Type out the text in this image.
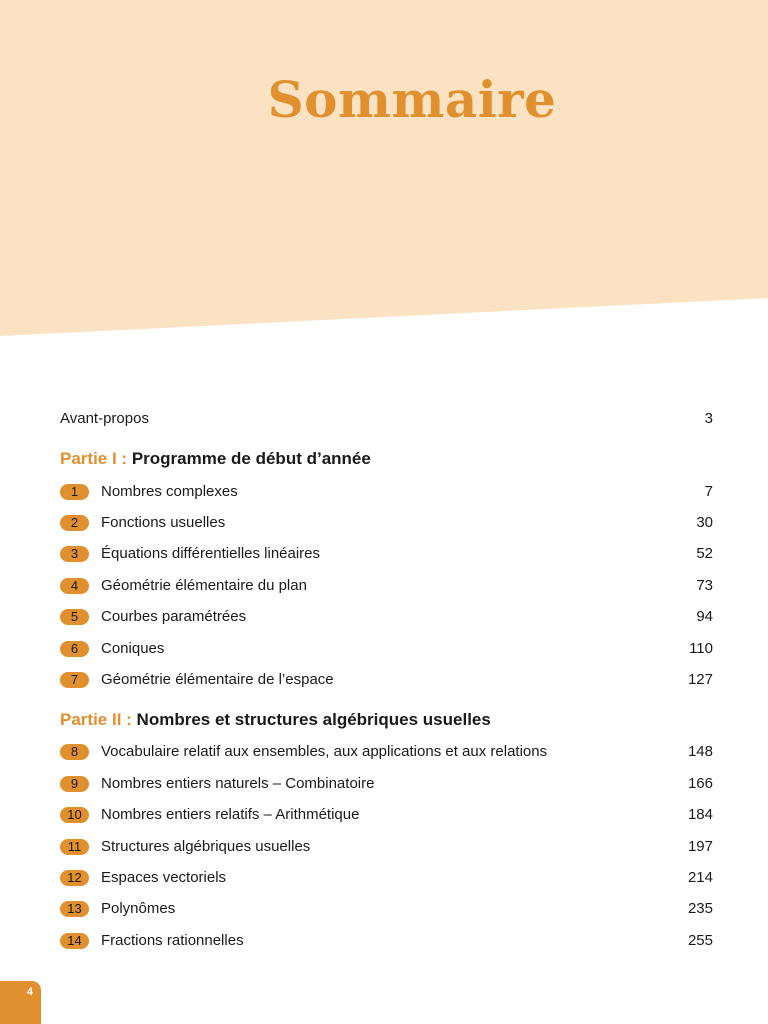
Sommaire
Avant-propos	3
Partie I : Programme de début d’année
1	Nombres complexes	7
2	Fonctions usuelles	30
3	Équations différentielles linéaires	52
4	Géométrie élémentaire du plan	73
5	Courbes paramétrées	94
6	Coniques	110
7	Géométrie élémentaire de l’espace	127
Partie II : Nombres et structures algébriques usuelles
8	Vocabulaire relatif aux ensembles, aux applications et aux relations	148
9	Nombres entiers naturels – Combinatoire	166
10	Nombres entiers relatifs – Arithmétique	184
11	Structures algébriques usuelles	197
12	Espaces vectoriels	214
13	Polynômes	235
14	Fractions rationnelles	255
4
